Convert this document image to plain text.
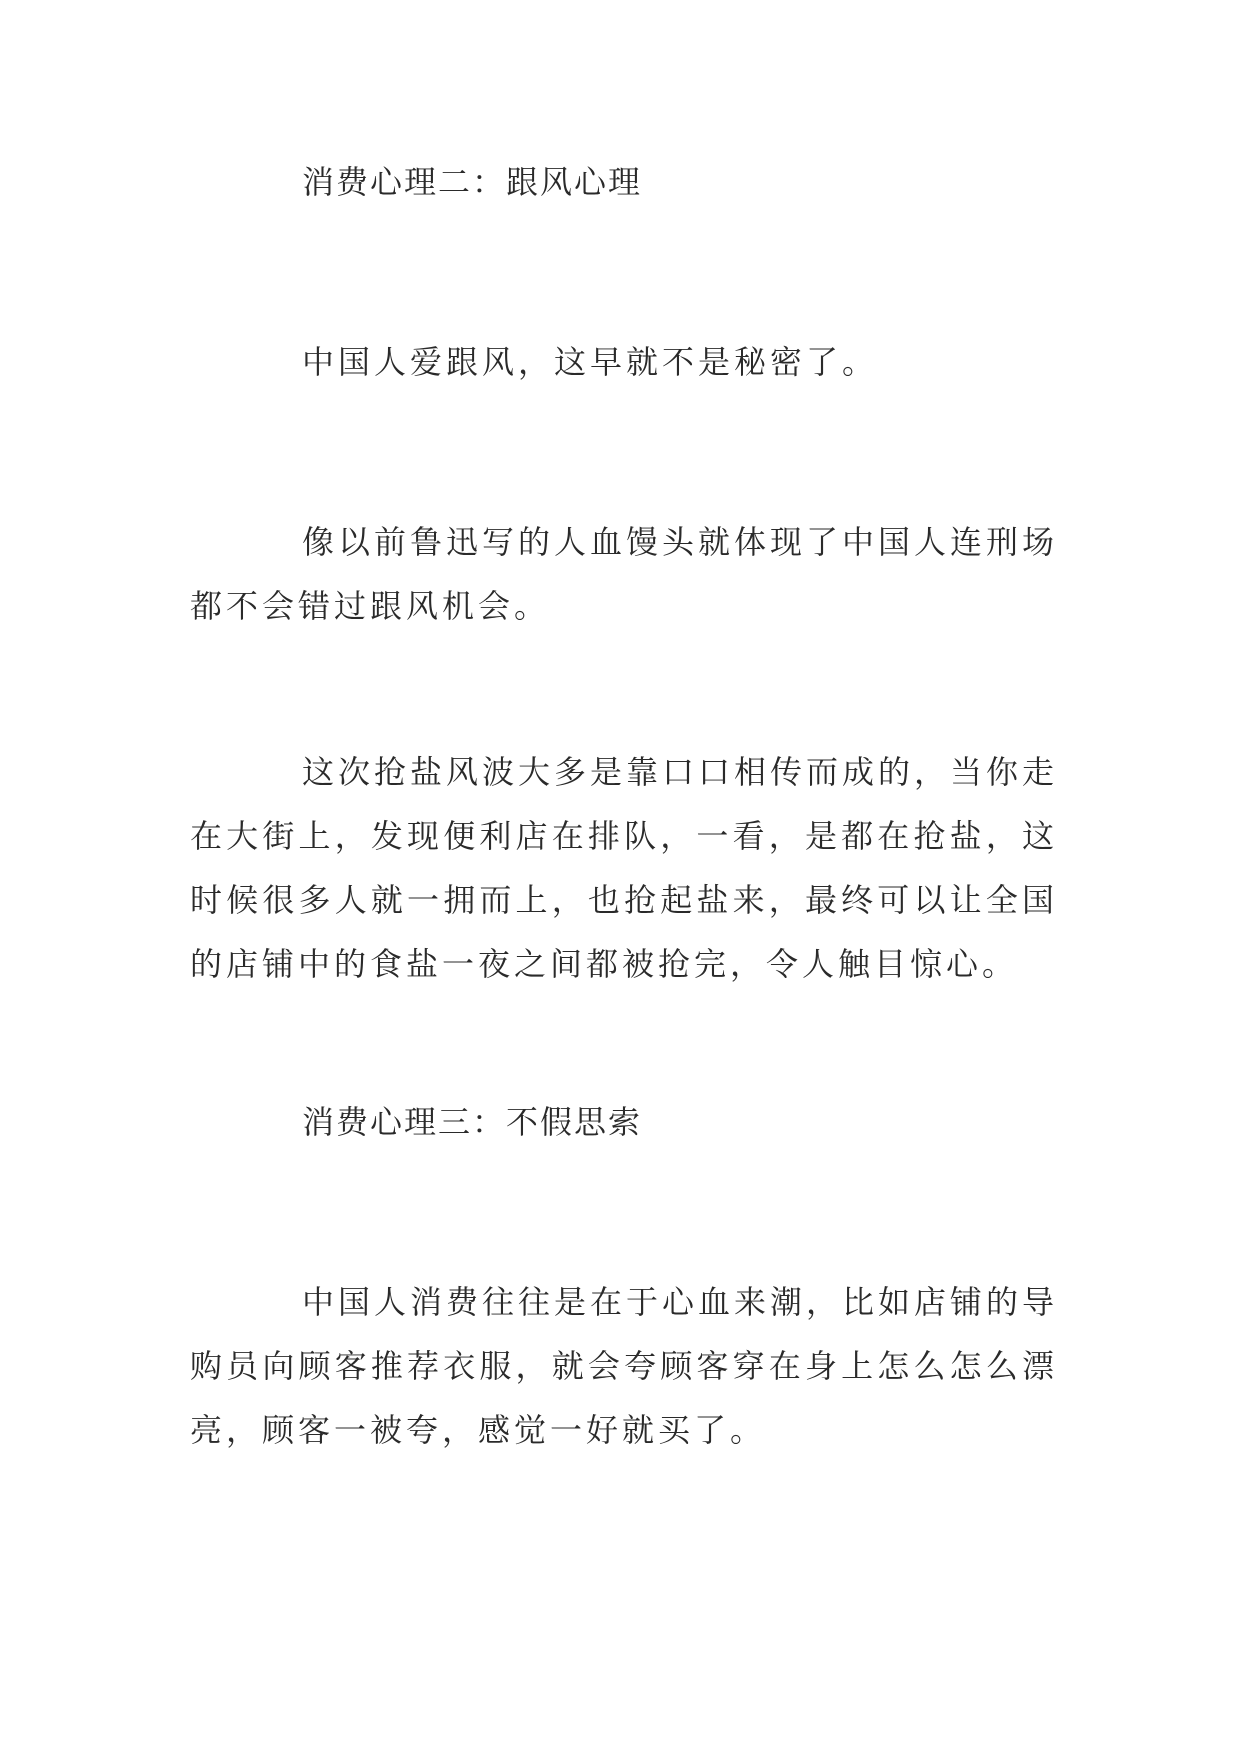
消费心理二：跟风心理

中国人爱跟风，这早就不是秘密了。

像以前鲁迅写的人血馒头就体现了中国人连刑场都不会错过跟风机会。

这次抢盐风波大多是靠口口相传而成的，当你走在大街上，发现便利店在排队，一看，是都在抢盐，这时候很多人就一拥而上，也抢起盐来，最终可以让全国的店铺中的食盐一夜之间都被抢完，令人触目惊心。

消费心理三：不假思索

中国人消费往往是在于心血来潮，比如店铺的导购员向顾客推荐衣服，就会夸顾客穿在身上怎么怎么漂亮，顾客一被夸，感觉一好就买了。
